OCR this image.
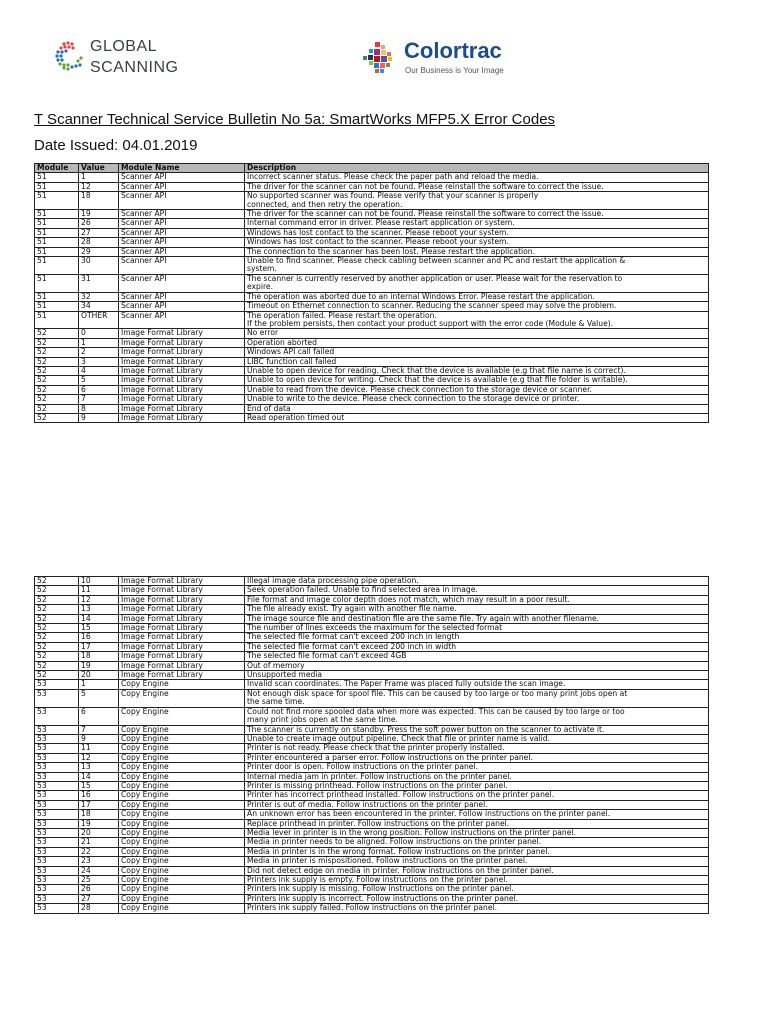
GLOBAL
SCANNING
Colortrac
Our Business is Your Image
T Scanner Technical Service Bulletin No 5a: SmartWorks MFP5.X Error Codes
Date Issued: 04.01.2019
Module	Value	Module Name	Description
51	1	Scanner API	Incorrect scanner status. Please check the paper path and reload the media.
51	12	Scanner API	The driver for the scanner can not be found. Please reinstall the software to correct the issue.
51	18	Scanner API	No supported scanner was found. Please verify that your scanner is properly
connected, and then retry the operation.
51	19	Scanner API	The driver for the scanner can not be found. Please reinstall the software to correct the issue.
51	26	Scanner API	Internal command error in driver. Please restart application or system.
51	27	Scanner API	Windows has lost contact to the scanner. Please reboot your system.
51	28	Scanner API	Windows has lost contact to the scanner. Please reboot your system.
51	29	Scanner API	The connection to the scanner has been lost. Please restart the application.
51	30	Scanner API	Unable to find scanner. Please check cabling between scanner and PC and restart the application &
system.
51	31	Scanner API	The scanner is currently reserved by another application or user. Please wait for the reservation to
expire.
51	32	Scanner API	The operation was aborted due to an internal Windows Error. Please restart the application.
51	34	Scanner API	Timeout on Ethernet connection to scanner. Reducing the scanner speed may solve the problem.
51	OTHER	Scanner API	The operation failed. Please restart the operation.
If the problem persists, then contact your product support with the error code (Module & Value).
52	0	Image Format Library	No error
52	1	Image Format Library	Operation aborted
52	2	Image Format Library	Windows API call failed
52	3	Image Format Library	LIBC function call failed
52	4	Image Format Library	Unable to open device for reading. Check that the device is available (e.g that file name is correct).
52	5	Image Format Library	Unable to open device for writing. Check that the device is available (e.g that file folder is writable).
52	6	Image Format Library	Unable to read from the device. Please check connection to the storage device or scanner.
52	7	Image Format Library	Unable to write to the device. Please check connection to the storage device or printer.
52	8	Image Format Library	End of data
52	9	Image Format Library	Read operation timed out
52	10	Image Format Library	Illegal image data processing pipe operation.
52	11	Image Format Library	Seek operation failed. Unable to find selected area in image.
52	12	Image Format Library	File format and image color depth does not match, which may result in a poor result.
52	13	Image Format Library	The file already exist. Try again with another file name.
52	14	Image Format Library	The image source file and destination file are the same file. Try again with another filename.
52	15	Image Format Library	The number of lines exceeds the maximum for the selected format
52	16	Image Format Library	The selected file format can't exceed 200 inch in length
52	17	Image Format Library	The selected file format can't exceed 200 inch in width
52	18	Image Format Library	The selected file format can't exceed 4GB
52	19	Image Format Library	Out of memory
52	20	Image Format Library	Unsupported media
53	1	Copy Engine	Invalid scan coordinates. The Paper Frame was placed fully outside the scan image.
53	5	Copy Engine	Not enough disk space for spool file. This can be caused by too large or too many print jobs open at
the same time.
53	6	Copy Engine	Could not find more spooled data when more was expected. This can be caused by too large or too
many print jobs open at the same time.
53	7	Copy Engine	The scanner is currently on standby. Press the soft power button on the scanner to activate it.
53	9	Copy Engine	Unable to create image output pipeline. Check that file or printer name is valid.
53	11	Copy Engine	Printer is not ready. Please check that the printer properly installed.
53	12	Copy Engine	Printer encountered a parser error. Follow instructions on the printer panel.
53	13	Copy Engine	Printer door is open. Follow instructions on the printer panel.
53	14	Copy Engine	Internal media jam in printer. Follow instructions on the printer panel.
53	15	Copy Engine	Printer is missing printhead. Follow instructions on the printer panel.
53	16	Copy Engine	Printer has incorrect printhead installed. Follow instructions on the printer panel.
53	17	Copy Engine	Printer is out of media. Follow instructions on the printer panel.
53	18	Copy Engine	An unknown error has been encountered in the printer. Follow instructions on the printer panel.
53	19	Copy Engine	Replace printhead in printer. Follow instructions on the printer panel.
53	20	Copy Engine	Media lever in printer is in the wrong position. Follow instructions on the printer panel.
53	21	Copy Engine	Media in printer needs to be aligned. Follow instructions on the printer panel.
53	22	Copy Engine	Media in printer is in the wrong format. Follow instructions on the printer panel.
53	23	Copy Engine	Media in printer is mispositioned. Follow instructions on the printer panel.
53	24	Copy Engine	Did not detect edge on media in printer. Follow instructions on the printer panel.
53	25	Copy Engine	Printers ink supply is empty. Follow instructions on the printer panel.
53	26	Copy Engine	Printers ink supply is missing. Follow instructions on the printer panel.
53	27	Copy Engine	Printers ink supply is incorrect. Follow instructions on the printer panel.
53	28	Copy Engine	Printers ink supply failed. Follow instructions on the printer panel.
